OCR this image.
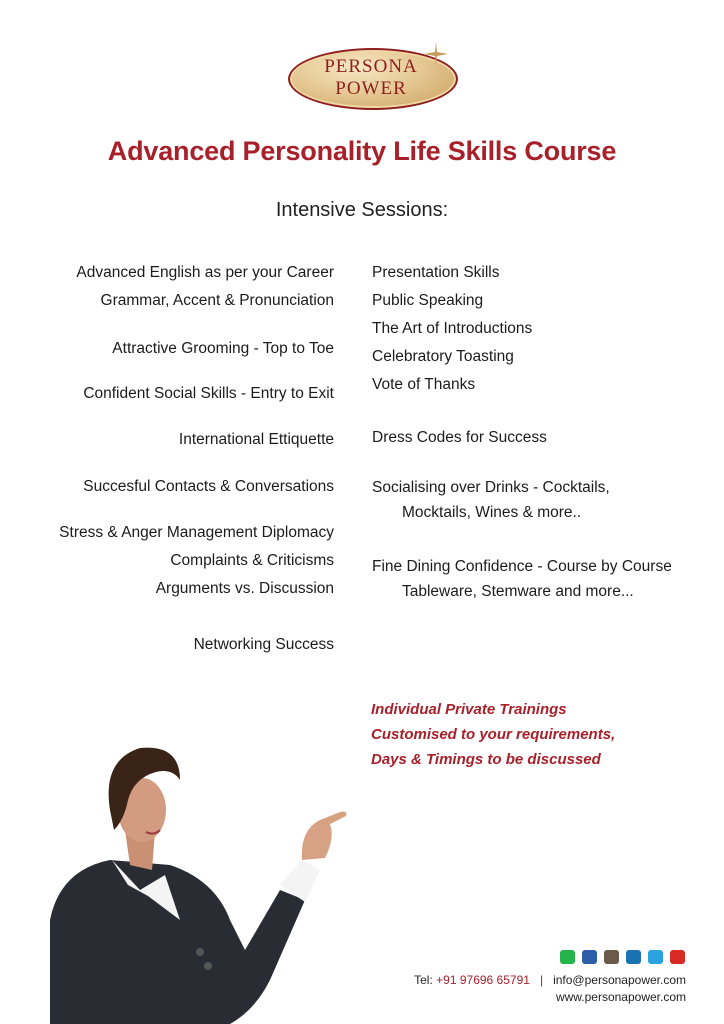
PERSONA
POWER
Advanced Personality Life Skills Course
Intensive Sessions:
Advanced English as per your Career
Grammar, Accent & Pronunciation
Attractive Grooming - Top to Toe
Confident Social Skills - Entry to Exit
International Ettiquette
Succesful Contacts & Conversations
Stress & Anger Management Diplomacy
Complaints & Criticisms
Arguments vs. Discussion
Networking Success
Presentation Skills
Public Speaking
The Art of Introductions
Celebratory Toasting
Vote of Thanks
Dress Codes for Success
Socialising over Drinks - Cocktails,
Mocktails, Wines & more..
Fine Dining Confidence - Course by Course
Tableware, Stemware and more...
Individual Private Trainings
Customised to your requirements,
Days & Timings to be discussed
Tel: +91 97696 65791 | info@personapower.com
www.personapower.com
